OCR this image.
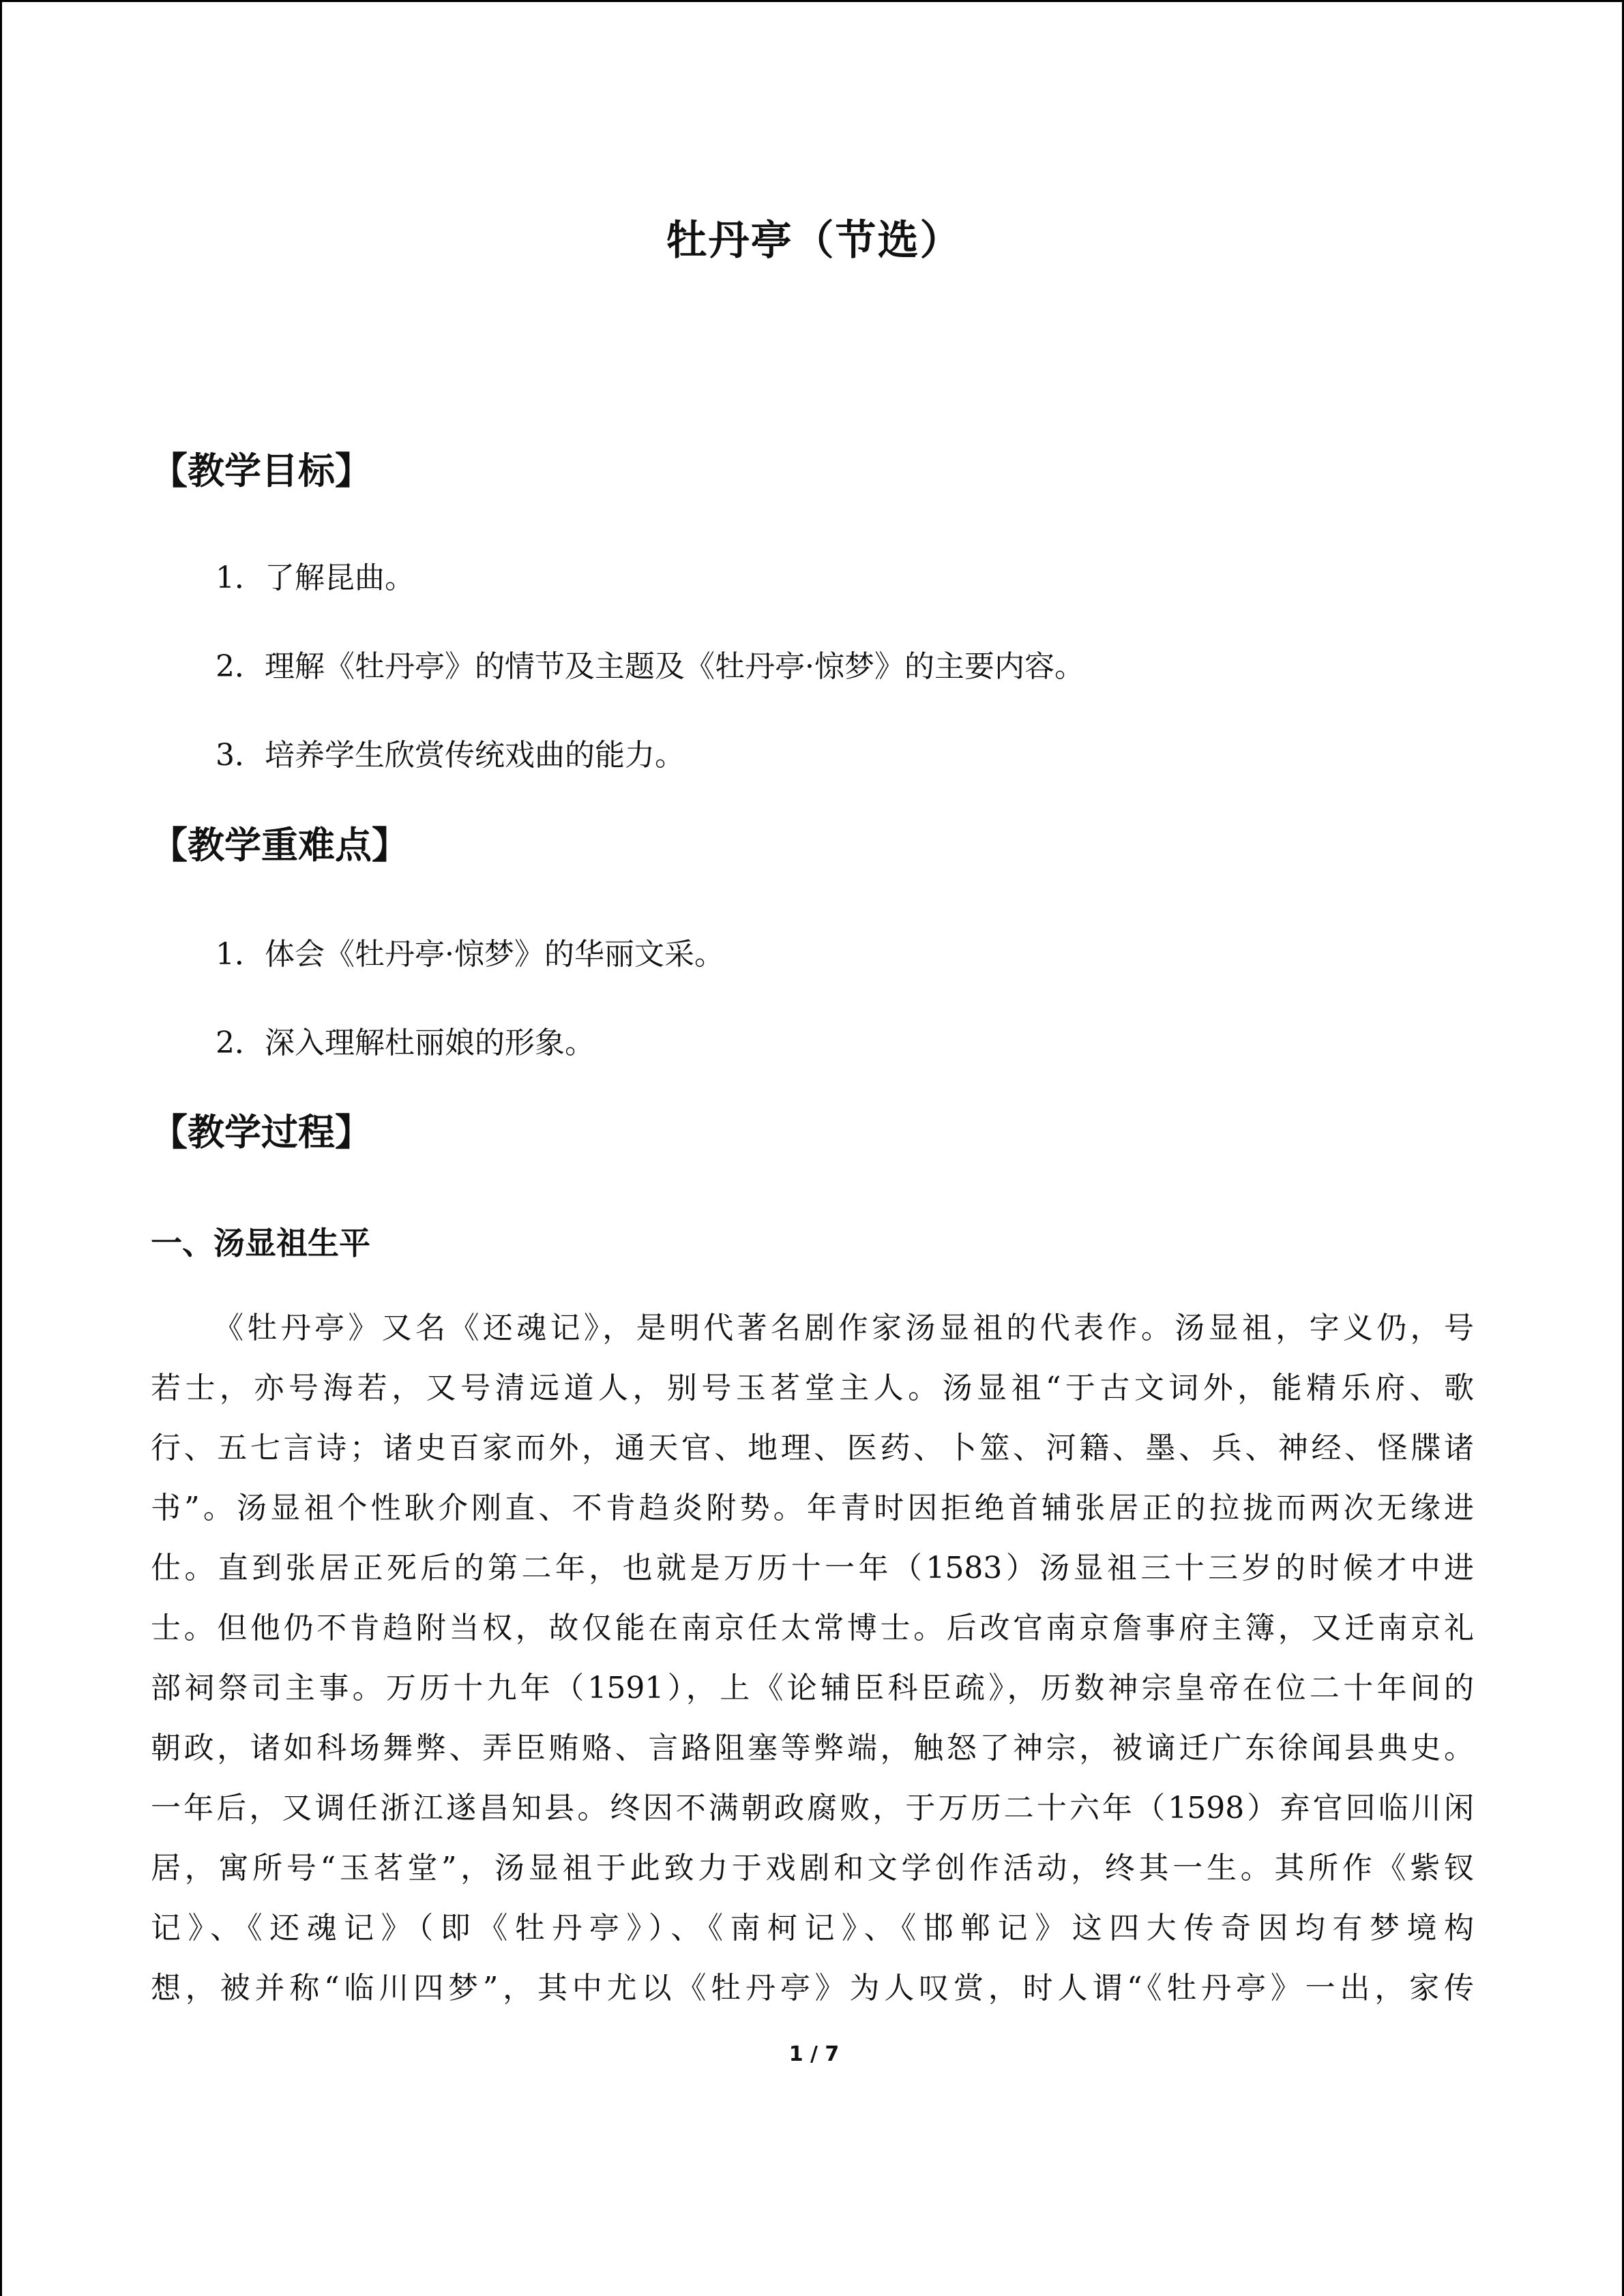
牡丹亭（节选）
【教学目标】
1．了解昆曲。
2．理解《牡丹亭》的情节及主题及《牡丹亭·惊梦》的主要内容。
3．培养学生欣赏传统戏曲的能力。
【教学重难点】
1．体会《牡丹亭·惊梦》的华丽文采。
2．深入理解杜丽娘的形象。
【教学过程】
一、汤显祖生平
《牡丹亭》又名《还魂记》，是明代著名剧作家汤显祖的代表作。汤显祖，字义仍，号
若士，亦号海若，又号清远道人，别号玉茗堂主人。汤显祖“于古文词外，能精乐府、歌
行、五七言诗；诸史百家而外，通天官、地理、医药、卜筮、河籍、墨、兵、神经、怪牒诸
书”。汤显祖个性耿介刚直、不肯趋炎附势。年青时因拒绝首辅张居正的拉拢而两次无缘进
仕。直到张居正死后的第二年，也就是万历十一年（1583）汤显祖三十三岁的时候才中进
士。但他仍不肯趋附当权，故仅能在南京任太常博士。后改官南京詹事府主簿，又迁南京礼
部祠祭司主事。万历十九年（1591），上《论辅臣科臣疏》，历数神宗皇帝在位二十年间的
朝政，诸如科场舞弊、弄臣贿赂、言路阻塞等弊端，触怒了神宗，被谪迁广东徐闻县典史。
一年后，又调任浙江遂昌知县。终因不满朝政腐败，于万历二十六年（1598）弃官回临川闲
居，寓所号“玉茗堂”，汤显祖于此致力于戏剧和文学创作活动，终其一生。其所作《紫钗
记》、《还魂记》（即《牡丹亭》）、《南柯记》、《邯郸记》这四大传奇因均有梦境构
想，被并称“临川四梦”，其中尤以《牡丹亭》为人叹赏，时人谓“《牡丹亭》一出，家传
1 / 7
